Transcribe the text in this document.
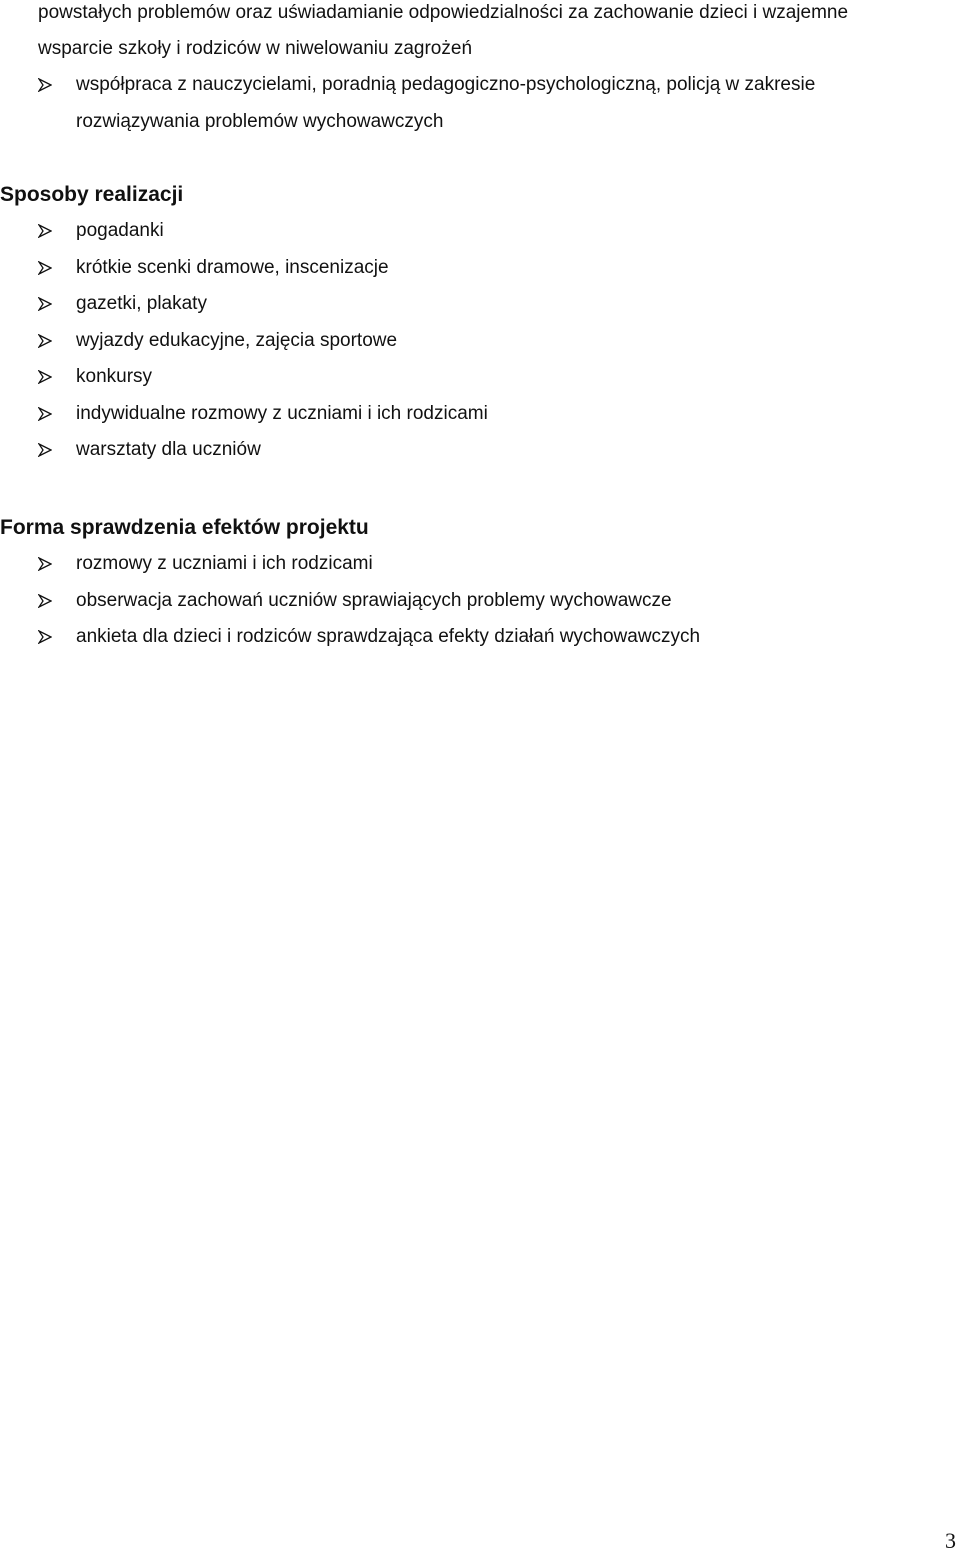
powstałych problemów oraz uświadamianie odpowiedzialności za zachowanie dzieci i wzajemne
wsparcie szkoły i rodziców w niwelowaniu zagrożeń
współpraca z nauczycielami, poradnią pedagogiczno-psychologiczną, policją w zakresie
rozwiązywania problemów wychowawczych
Sposoby realizacji
pogadanki
krótkie scenki dramowe, inscenizacje
gazetki, plakaty
wyjazdy edukacyjne, zajęcia sportowe
konkursy
indywidualne rozmowy z uczniami i ich rodzicami
warsztaty dla uczniów
Forma sprawdzenia efektów projektu
rozmowy z uczniami i ich rodzicami
obserwacja zachowań uczniów sprawiających problemy wychowawcze
ankieta dla dzieci i rodziców sprawdzająca efekty działań wychowawczych
3
